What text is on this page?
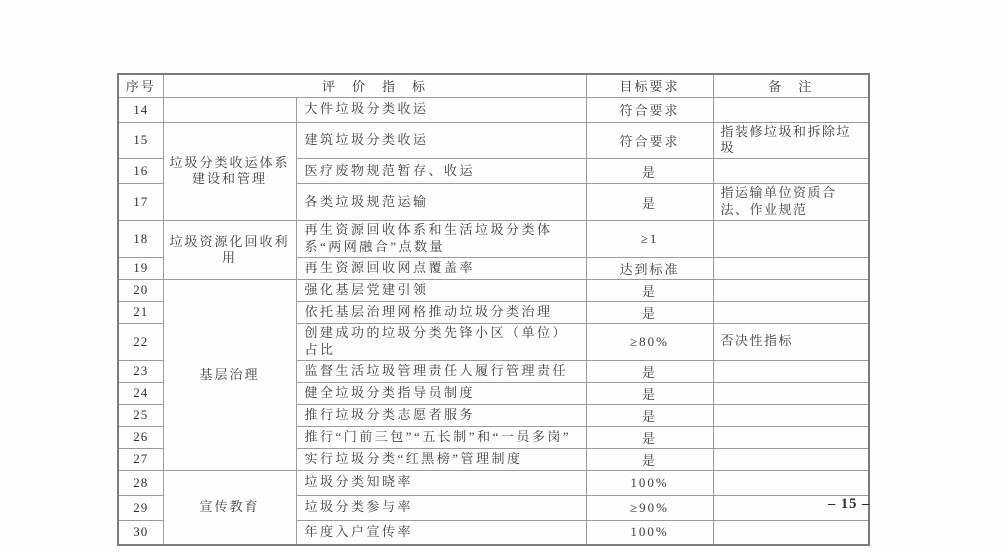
序号	评　价　指　标		目标要求	备　注
14		大件垃圾分类收运	符合要求	
15	垃圾分类收运体系建设和管理	建筑垃圾分类收运	符合要求	指装修垃圾和拆除垃圾
16		医疗废物规范暂存、收运	是	
17		各类垃圾规范运输	是	指运输单位资质合法、作业规范
18	垃圾资源化回收利用	再生资源回收体系和生活垃圾分类体系“两网融合”点数量	≥1	
19		再生资源回收网点覆盖率	达到标准	
20	基层治理	强化基层党建引领	是	
21		依托基层治理网格推动垃圾分类治理	是	
22		创建成功的垃圾分类先锋小区（单位）占比	≥80%	否决性指标
23		监督生活垃圾管理责任人履行管理责任	是	
24		健全垃圾分类指导员制度	是	
25		推行垃圾分类志愿者服务	是	
26		推行“门前三包”“五长制”和“一员多岗”	是	
27		实行垃圾分类“红黑榜”管理制度	是	
28	宣传教育	垃圾分类知晓率	100%	
29		垃圾分类参与率	≥90%	
30		年度入户宣传率	100%	
– 15 –
